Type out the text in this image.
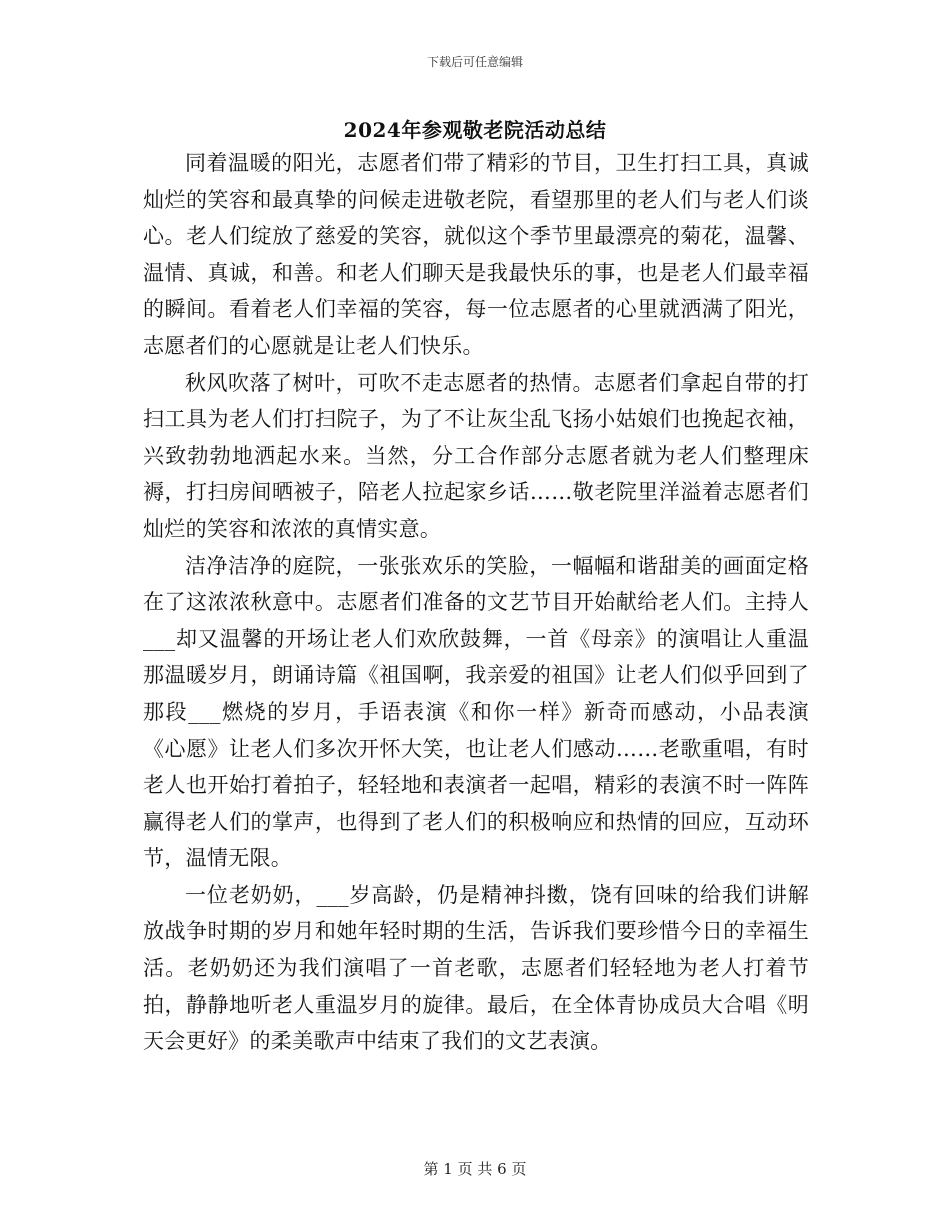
下载后可任意编辑
2024年参观敬老院活动总结

同着温暖的阳光，志愿者们带了精彩的节目，卫生打扫工具，真诚灿烂的笑容和最真挚的问候走进敬老院，看望那里的老人们与老人们谈心。老人们绽放了慈爱的笑容，就似这个季节里最漂亮的菊花，温馨、温情、真诚，和善。和老人们聊天是我最快乐的事，也是老人们最幸福的瞬间。看着老人们幸福的笑容，每一位志愿者的心里就洒满了阳光，志愿者们的心愿就是让老人们快乐。

秋风吹落了树叶，可吹不走志愿者的热情。志愿者们拿起自带的打扫工具为老人们打扫院子，为了不让灰尘乱飞扬小姑娘们也挽起衣袖，兴致勃勃地洒起水来。当然，分工合作部分志愿者就为老人们整理床褥，打扫房间晒被子，陪老人拉起家乡话……敬老院里洋溢着志愿者们灿烂的笑容和浓浓的真情实意。

洁净洁净的庭院，一张张欢乐的笑脸，一幅幅和谐甜美的画面定格在了这浓浓秋意中。志愿者们准备的文艺节目开始献给老人们。主持人___却又温馨的开场让老人们欢欣鼓舞，一首《母亲》的演唱让人重温那温暖岁月，朗诵诗篇《祖国啊，我亲爱的祖国》让老人们似乎回到了那段___燃烧的岁月，手语表演《和你一样》新奇而感动，小品表演《心愿》让老人们多次开怀大笑，也让老人们感动……老歌重唱，有时老人也开始打着拍子，轻轻地和表演者一起唱，精彩的表演不时一阵阵赢得老人们的掌声，也得到了老人们的积极响应和热情的回应，互动环节，温情无限。

一位老奶奶，___岁高龄，仍是精神抖擞，饶有回味的给我们讲解放战争时期的岁月和她年轻时期的生活，告诉我们要珍惜今日的幸福生活。老奶奶还为我们演唱了一首老歌，志愿者们轻轻地为老人打着节拍，静静地听老人重温岁月的旋律。最后，在全体青协成员大合唱《明天会更好》的柔美歌声中结束了我们的文艺表演。

第 1 页 共 6 页
